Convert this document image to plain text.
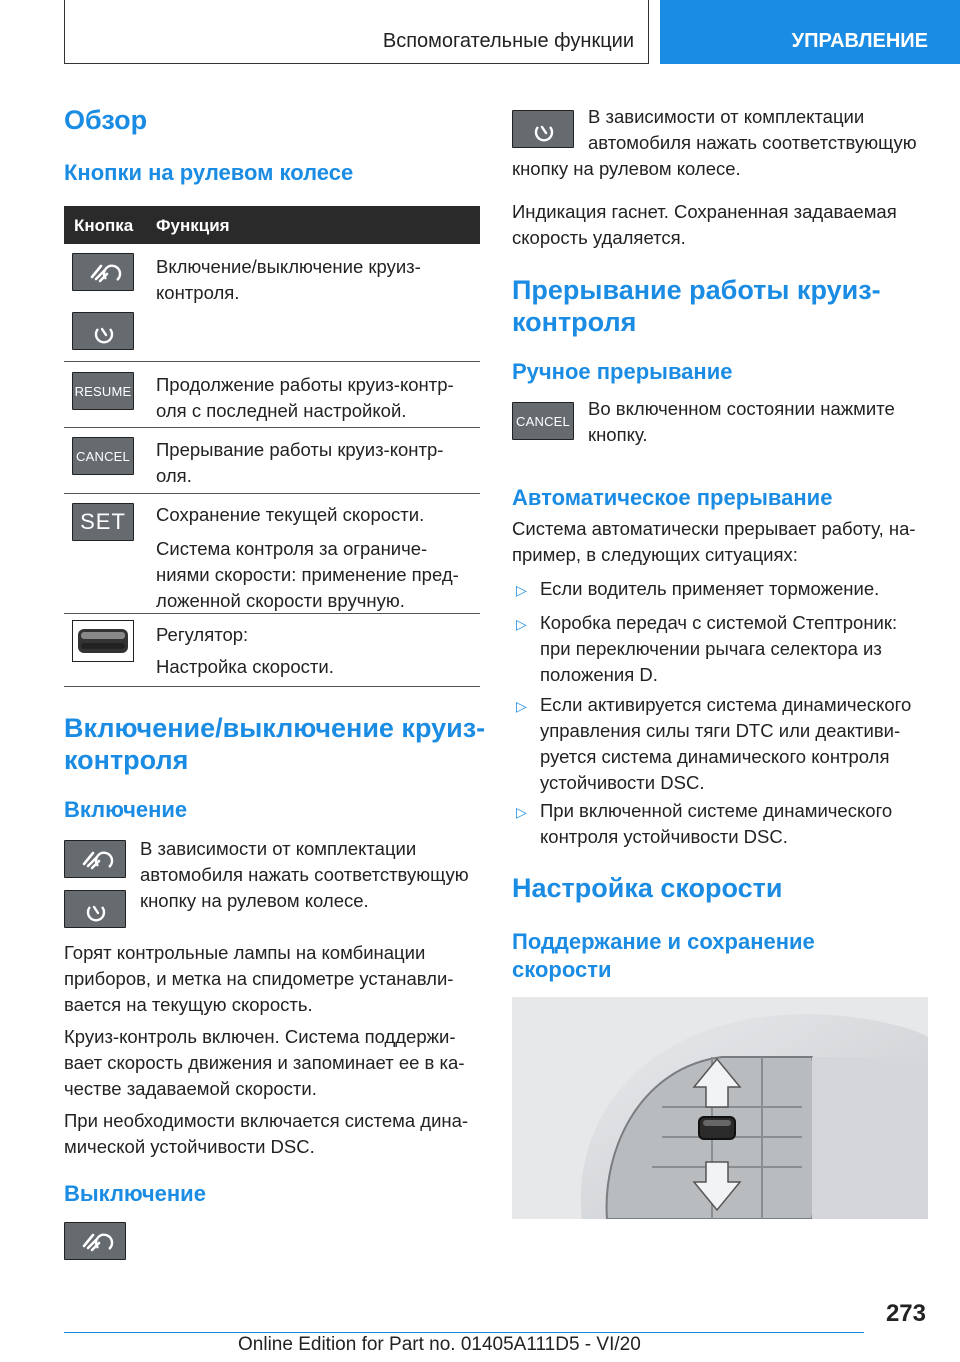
Вспомогательные функции	УПРАВЛЕНИЕ
Обзор
Кнопки на рулевом колесе
Кнопка Функция
Включение/выключение круиз-
контроля.
RESUME Продолжение работы круиз-контр-
оля с последней настройкой.
CANCEL Прерывание работы круиз-контр-
оля.
SET	Сохранение текущей скорости.
Система контроля за ограниче-
ниями скорости: применение пред-
ложенной скорости вручную.
Регулятор:
Настройка скорости.
Включение/выключение круиз-
контроля
Включение
В зависимости от комплектации
автомобиля нажать соответствующую
кнопку на рулевом колесе.
Горят контрольные лампы на комбинации
приборов, и метка на спидометре устанавли-
вается на текущую скорость.
Круиз-контроль включен. Система поддержи-
вает скорость движения и запоминает ее в ка-
честве задаваемой скорости.
При необходимости включается система дина-
мической устойчивости DSC.
Выключение
В зависимости от комплектации
автомобиля нажать соответствующую
кнопку на рулевом колесе.
Индикация гаснет. Сохраненная задаваемая
скорость удаляется.
Прерывание работы круиз-
контроля
Ручное прерывание
CANCEL
Во включенном состоянии нажмите
кнопку.
Автоматическое прерывание
Система автоматически прерывает работу, на-
пример, в следующих ситуациях:
▷ Если водитель применяет торможение.
▷ Коробка передач с системой Стептроник:
при переключении рычага селектора из
положения D.
▷ Если активируется система динамического
управления силы тяги DTC или деактиви-
руется система динамического контроля
устойчивости DSC.
▷ При включенной системе динамического
контроля устойчивости DSC.
Настройка скорости
Поддержание и сохранение
скорости
273
Online Edition for Part no. 01405A111D5 - VI/20
